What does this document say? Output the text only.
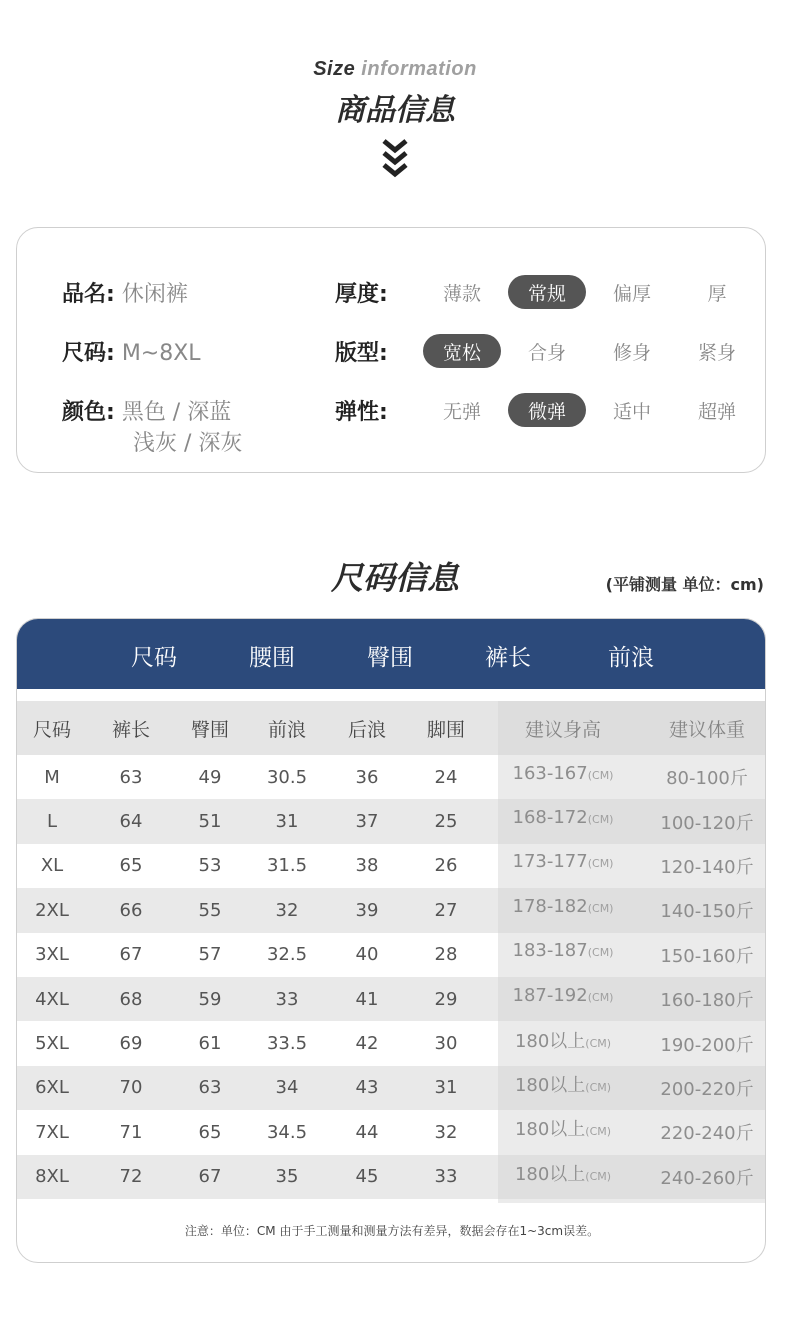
Size information
商品信息
品名: 休闲裤
尺码: M~8XL
颜色: 黑色 / 深蓝
浅灰 / 深灰
厚度:	薄款	常规	偏厚	厚
版型:	宽松	合身	修身	紧身
弹性:	无弹	微弹	适中	超弹
尺码信息	(平铺测量 单位：cm)
尺码	腰围	臀围	裤长	前浪
尺码	裤长	臀围	前浪	后浪	脚围	建议身高	建议体重
M	63	49	30.5	36	24	163-167(CM)	80-100斤
L	64	51	31	37	25	168-172(CM)	100-120斤
XL	65	53	31.5	38	26	173-177(CM)	120-140斤
2XL	66	55	32	39	27	178-182(CM)	140-150斤
3XL	67	57	32.5	40	28	183-187(CM)	150-160斤
4XL	68	59	33	41	29	187-192(CM)	160-180斤
5XL	69	61	33.5	42	30	180以上(CM)	190-200斤
6XL	70	63	34	43	31	180以上(CM)	200-220斤
7XL	71	65	34.5	44	32	180以上(CM)	220-240斤
8XL	72	67	35	45	33	180以上(CM)	240-260斤
注意：单位：CM 由于手工测量和测量方法有差异，数据会存在1~3cm误差。
